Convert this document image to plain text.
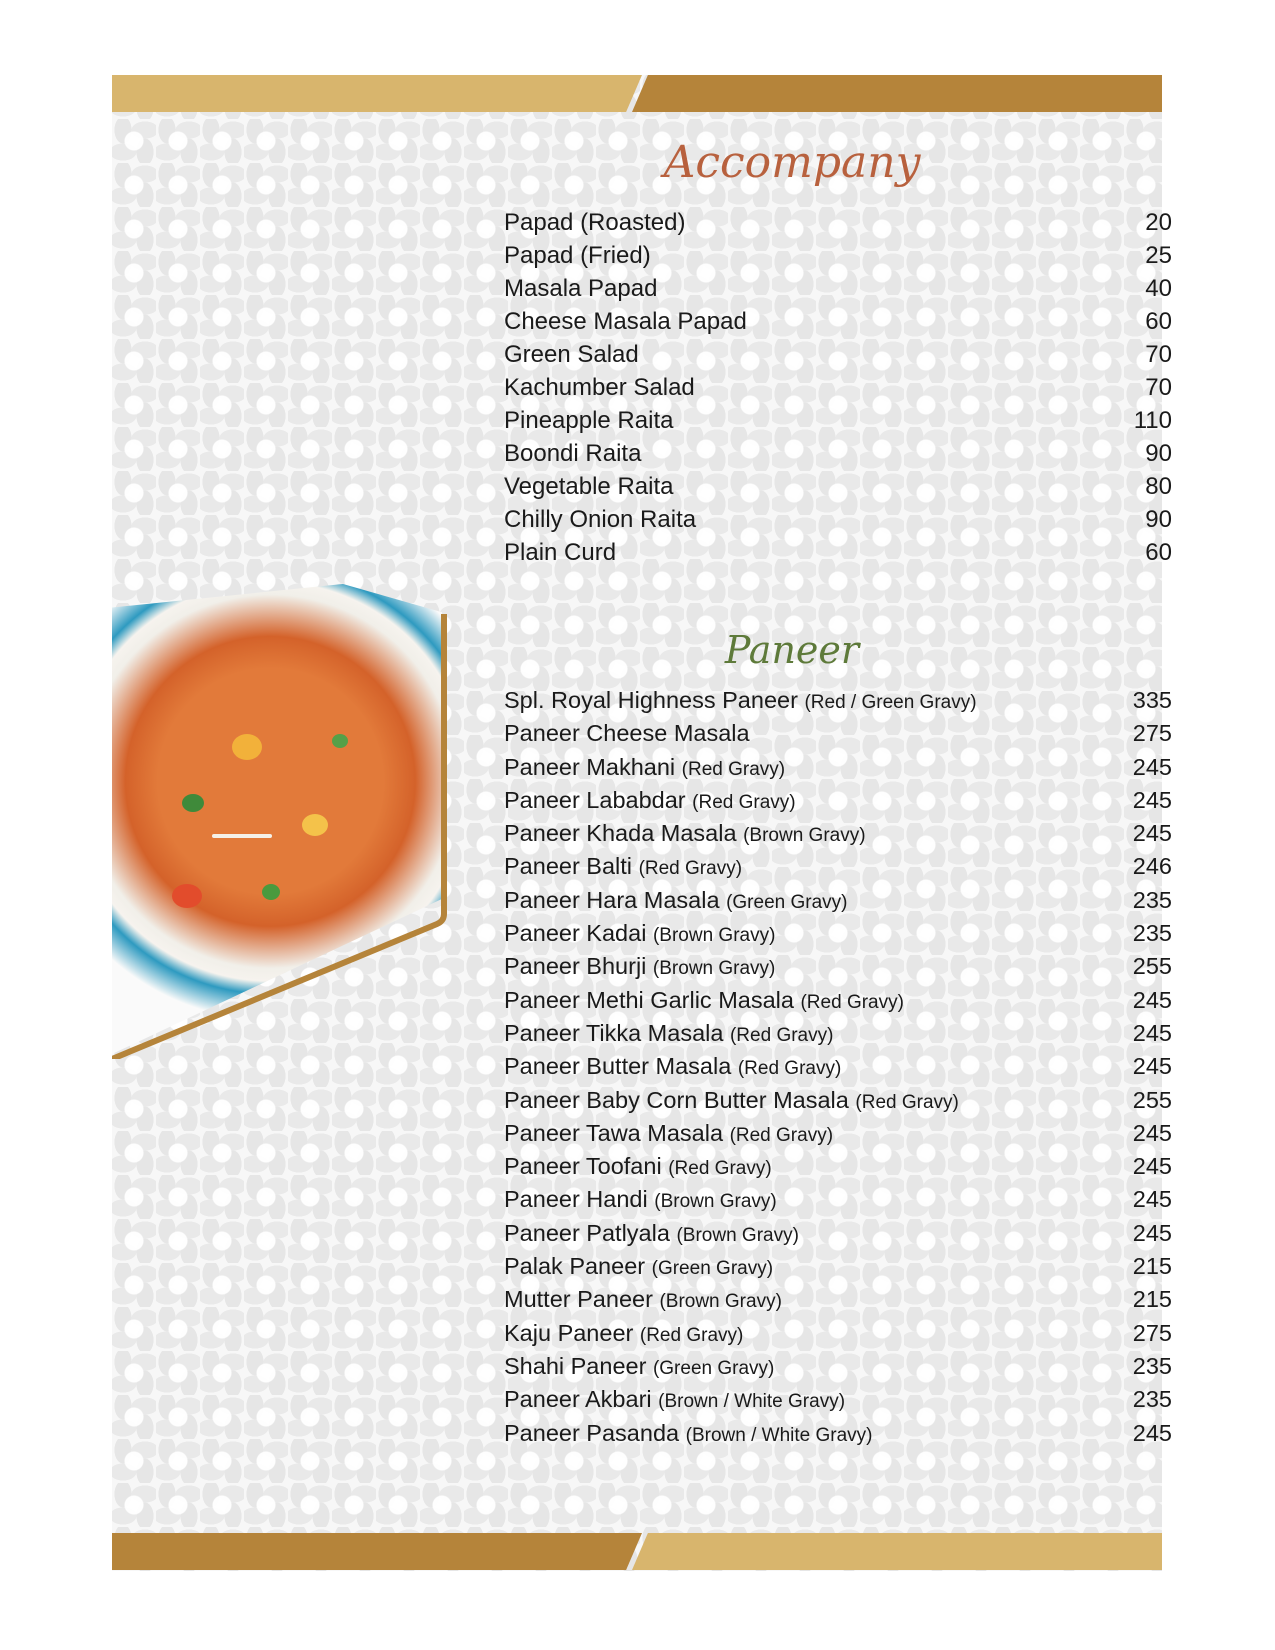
Accompany
Papad (Roasted)	20
Papad (Fried)	25
Masala Papad	40
Cheese Masala Papad	60
Green Salad	70
Kachumber Salad	70
Pineapple Raita	110
Boondi Raita	90
Vegetable Raita	80
Chilly Onion Raita	90
Plain Curd	60
Paneer
Spl. Royal Highness Paneer (Red / Green Gravy)	335
Paneer Cheese Masala	275
Paneer Makhani (Red Gravy)	245
Paneer Lababdar (Red Gravy)	245
Paneer Khada Masala (Brown Gravy)	245
Paneer Balti (Red Gravy)	246
Paneer Hara Masala (Green Gravy)	235
Paneer Kadai (Brown Gravy)	235
Paneer Bhurji (Brown Gravy)	255
Paneer Methi Garlic Masala (Red Gravy)	245
Paneer Tikka Masala (Red Gravy)	245
Paneer Butter Masala (Red Gravy)	245
Paneer Baby Corn Butter Masala (Red Gravy)	255
Paneer Tawa Masala (Red Gravy)	245
Paneer Toofani (Red Gravy)	245
Paneer Handi (Brown Gravy)	245
Paneer Patlyala (Brown Gravy)	245
Palak Paneer (Green Gravy)	215
Mutter Paneer (Brown Gravy)	215
Kaju Paneer (Red Gravy)	275
Shahi Paneer (Green Gravy)	235
Paneer Akbari (Brown / White Gravy)	235
Paneer Pasanda (Brown / White Gravy)	245
